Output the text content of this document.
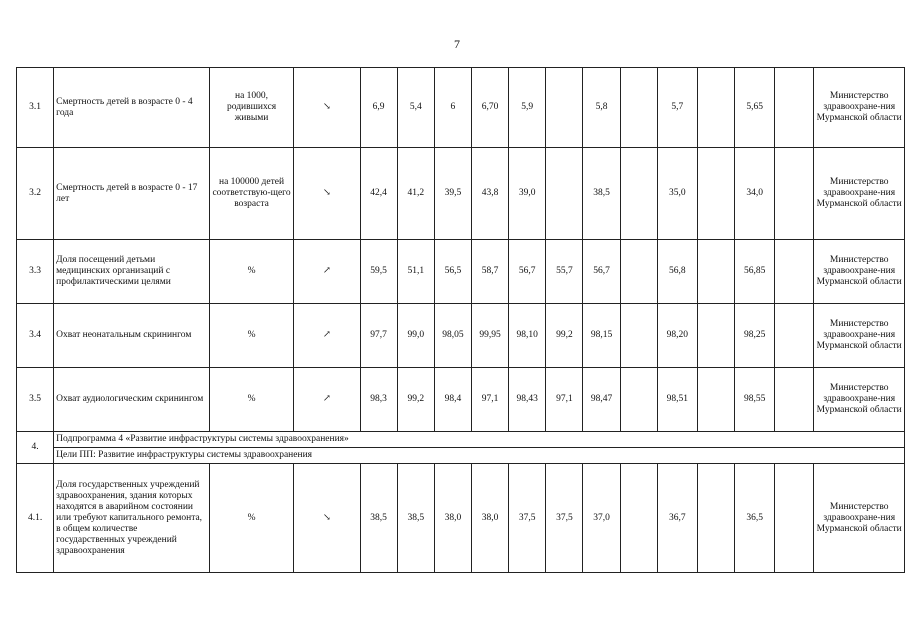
7
3.1	Смертность детей в возрасте 0 - 4 года	на 1000, родившихся живыми	↘	6,9	5,4	6	6,70	5,9		5,8		5,7		5,65		Министерство здравоохране-ния Мурманской области
3.2	Смертность детей в возрасте 0 - 17 лет	на 100000 детей соответствую-щего возраста	↘	42,4	41,2	39,5	43,8	39,0		38,5		35,0		34,0		Министерство здравоохране-ния Мурманской области
3.3	Доля посещений детьми медицинских организаций с профилактическими целями	%	↗	59,5	51,1	56,5	58,7	56,7	55,7	56,7		56,8		56,85		Министерство здравоохране-ния Мурманской области
3.4	Охват неонатальным скринингом	%	↗	97,7	99,0	98,05	99,95	98,10	99,2	98,15		98,20		98,25		Министерство здравоохране-ния Мурманской области
3.5	Охват аудиологическим скринингом	%	↗	98,3	99,2	98,4	97,1	98,43	97,1	98,47		98,51		98,55		Министерство здравоохране-ния Мурманской области
4.	Подпрограмма 4 «Развитие инфраструктуры системы здравоохранения»															
	Цели ПП: Развитие инфраструктуры системы здравоохранения															
4.1.	Доля государственных учреждений здравоохранения, здания которых находятся в аварийном состоянии или требуют капитального ремонта, в общем количестве государственных учреждений здравоохранения	%	↘	38,5	38,5	38,0	38,0	37,5	37,5	37,0		36,7		36,5		Министерство здравоохране-ния Мурманской области
